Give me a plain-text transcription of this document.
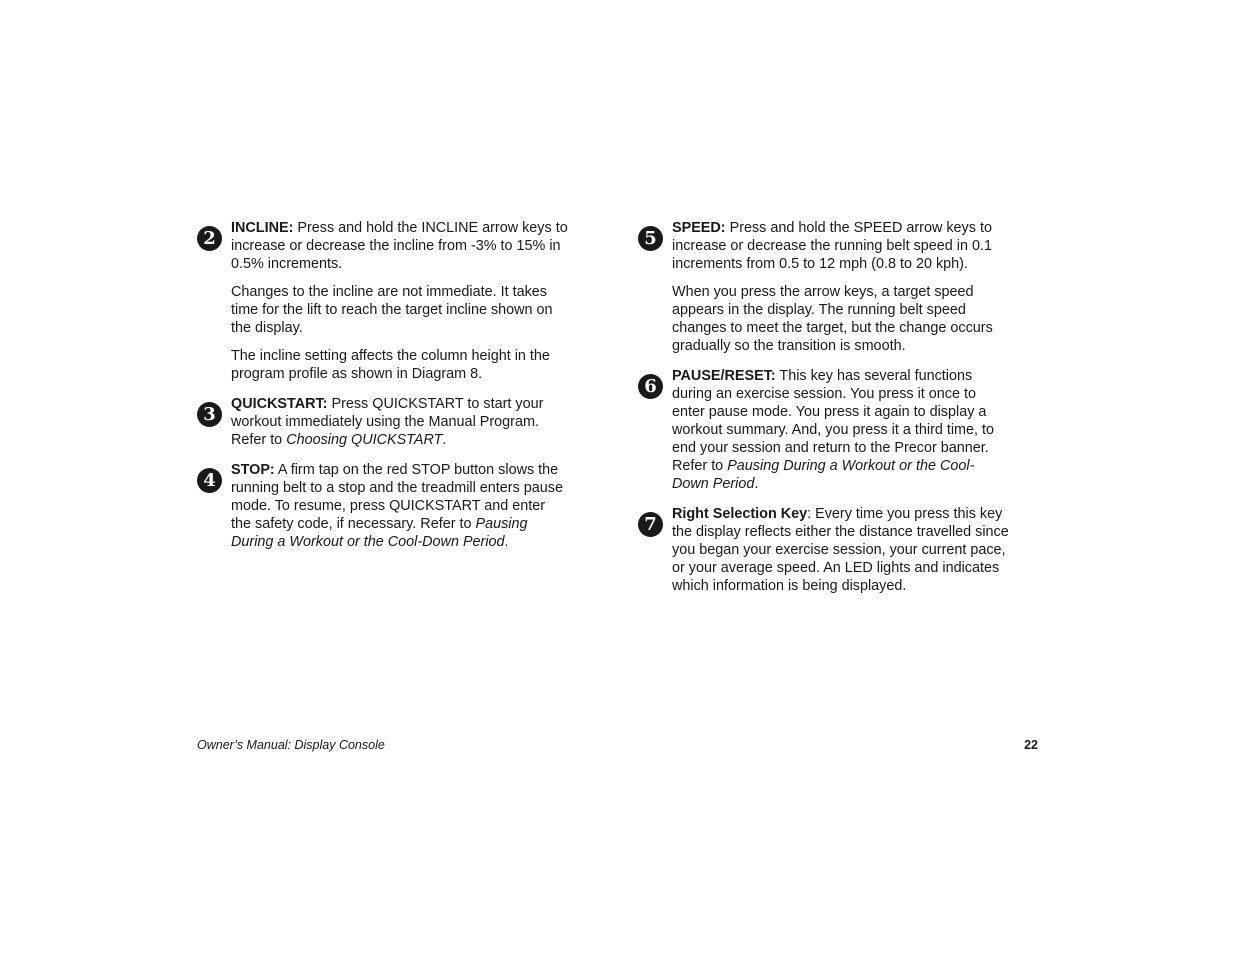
2	INCLINE: Press and hold the INCLINE arrow keys to increase or decrease the incline from -3% to 15% in 0.5% increments.

Changes to the incline are not immediate. It takes time for the lift to reach the target incline shown on the display.

The incline setting affects the column height in the program profile as shown in Diagram 8.

3	QUICKSTART: Press QUICKSTART to start your workout immediately using the Manual Program. Refer to Choosing QUICKSTART.

4	STOP: A firm tap on the red STOP button slows the running belt to a stop and the treadmill enters pause mode. To resume, press QUICKSTART and enter the safety code, if necessary. Refer to Pausing During a Workout or the Cool-Down Period.

5	SPEED: Press and hold the SPEED arrow keys to increase or decrease the running belt speed in 0.1 increments from 0.5 to 12 mph (0.8 to 20 kph).

When you press the arrow keys, a target speed appears in the display. The running belt speed changes to meet the target, but the change occurs gradually so the transition is smooth.

6	PAUSE/RESET: This key has several functions during an exercise session. You press it once to enter pause mode. You press it again to display a workout summary. And, you press it a third time, to end your session and return to the Precor banner. Refer to Pausing During a Workout or the Cool-Down Period.

7	Right Selection Key: Every time you press this key the display reflects either the distance travelled since you began your exercise session, your current pace, or your average speed. An LED lights and indicates which information is being displayed.

Owner’s Manual: Display Console	22
